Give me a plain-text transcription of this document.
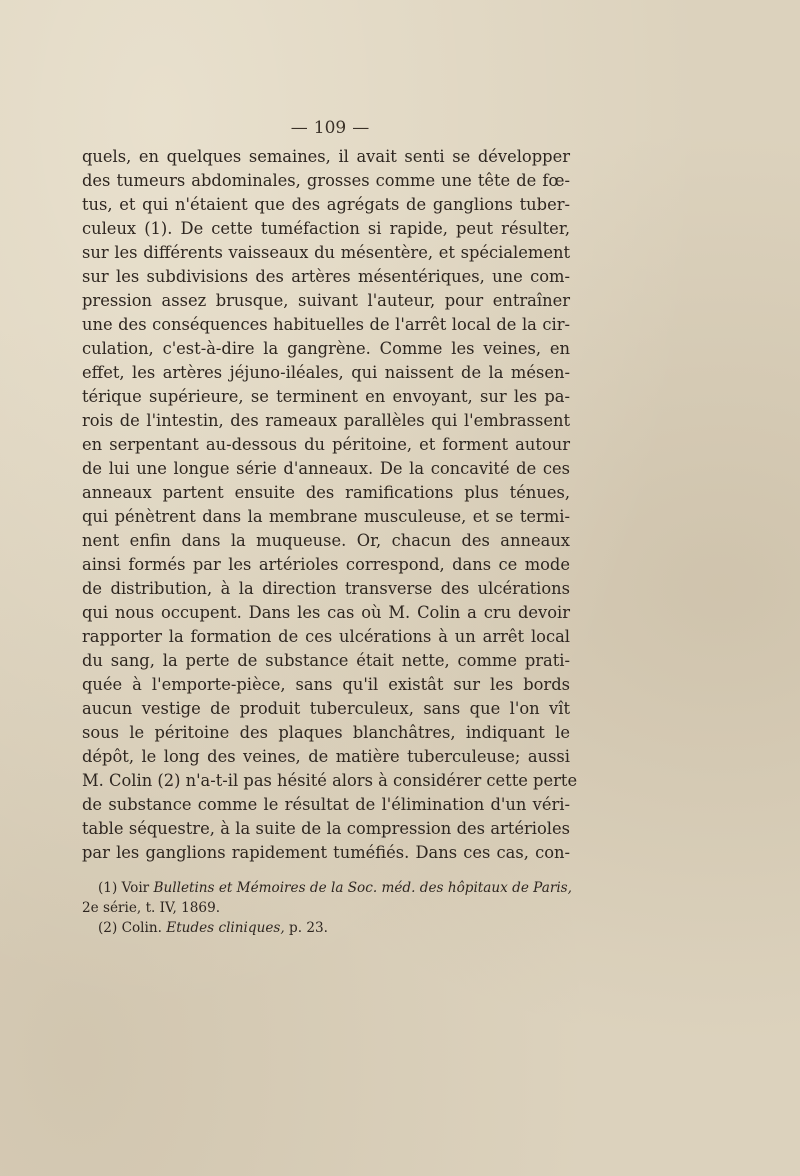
— 109 —
quels, en quelques semaines, il avait senti se développer
des tumeurs abdominales, grosses comme une tête de fœ-
tus, et qui n'étaient que des agrégats de ganglions tuber-
culeux (1). De cette tuméfaction si rapide, peut résulter,
sur les différents vaisseaux du mésentère, et spécialement
sur les subdivisions des artères mésentériques, une com-
pression assez brusque, suivant l'auteur, pour entraîner
une des conséquences habituelles de l'arrêt local de la cir-
culation, c'est-à-dire la gangrène. Comme les veines, en
effet, les artères jéjuno-iléales, qui naissent de la mésen-
térique supérieure, se terminent en envoyant, sur les pa-
rois de l'intestin, des rameaux parallèles qui l'embrassent
en serpentant au-dessous du péritoine, et forment autour
de lui une longue série d'anneaux. De la concavité de ces
anneaux partent ensuite des ramifications plus ténues,
qui pénètrent dans la membrane musculeuse, et se termi-
nent enfin dans la muqueuse. Or, chacun des anneaux
ainsi formés par les artérioles correspond, dans ce mode
de distribution, à la direction transverse des ulcérations
qui nous occupent. Dans les cas où M. Colin a cru devoir
rapporter la formation de ces ulcérations à un arrêt local
du sang, la perte de substance était nette, comme prati-
quée à l'emporte-pièce, sans qu'il existât sur les bords
aucun vestige de produit tuberculeux, sans que l'on vît
sous le péritoine des plaques blanchâtres, indiquant le
dépôt, le long des veines, de matière tuberculeuse; aussi
M. Colin (2) n'a-t-il pas hésité alors à considérer cette perte
de substance comme le résultat de l'élimination d'un véri-
table séquestre, à la suite de la compression des artérioles
par les ganglions rapidement tuméfiés. Dans ces cas, con-
(1) Voir Bulletins et Mémoires de la Soc. méd. des hôpitaux de Paris,
2e série, t. IV, 1869.
(2) Colin. Etudes cliniques, p. 23.
